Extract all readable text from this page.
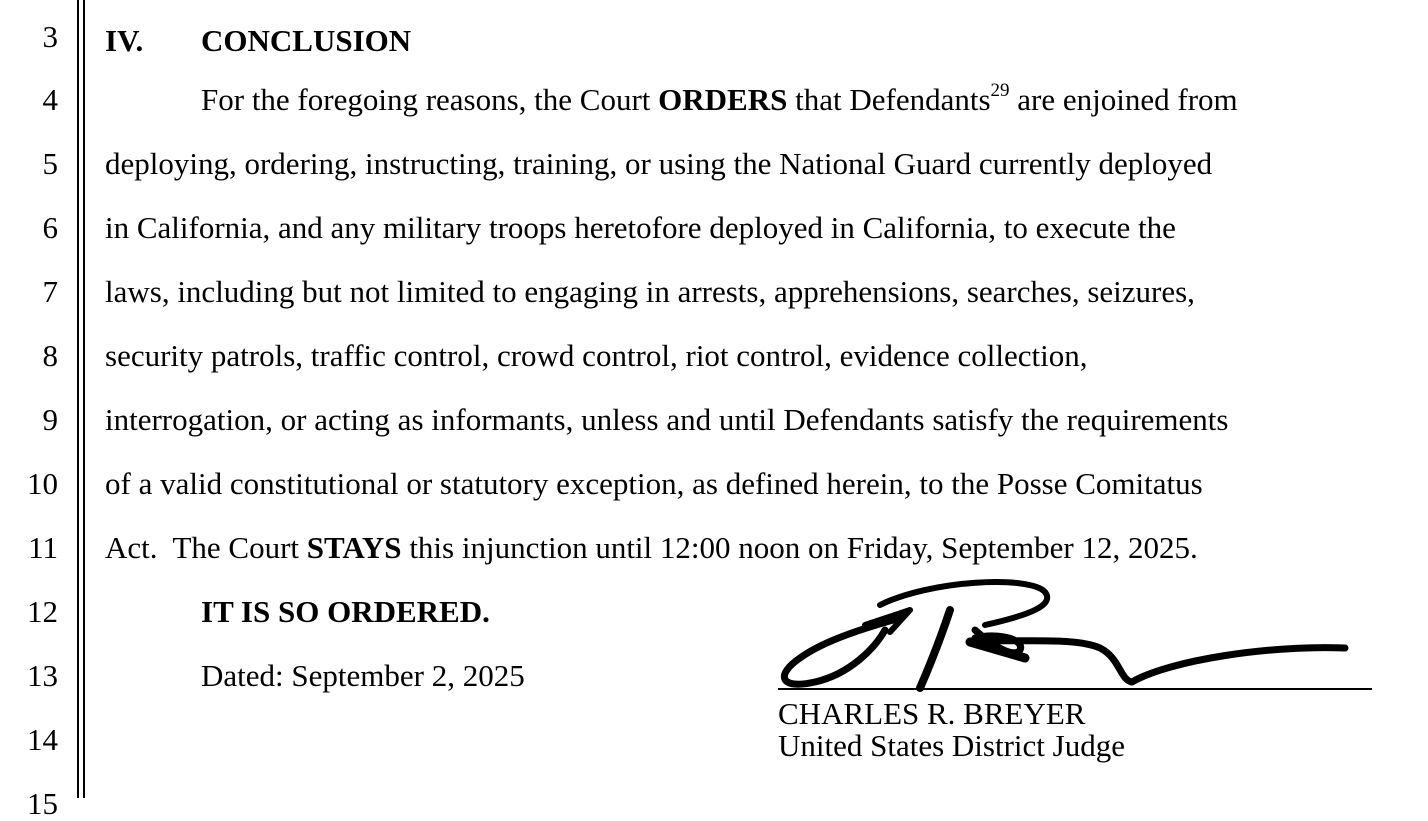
3
4
5
6
7
8
9
10
11
12
13
14
15
IV. CONCLUSION
For the foregoing reasons, the Court ORDERS that Defendants$^{29}$ are enjoined from
deploying, ordering, instructing, training, or using the National Guard currently deployed
in California, and any military troops heretofore deployed in California, to execute the
laws, including but not limited to engaging in arrests, apprehensions, searches, seizures,
security patrols, traffic control, crowd control, riot control, evidence collection,
interrogation, or acting as informants, unless and until Defendants satisfy the requirements
of a valid constitutional or statutory exception, as defined herein, to the Posse Comitatus
Act.  The Court STAYS this injunction until 12:00 noon on Friday, September 12, 2025.
IT IS SO ORDERED.
Dated: September 2, 2025
CHARLES R. BREYER
United States District Judge
